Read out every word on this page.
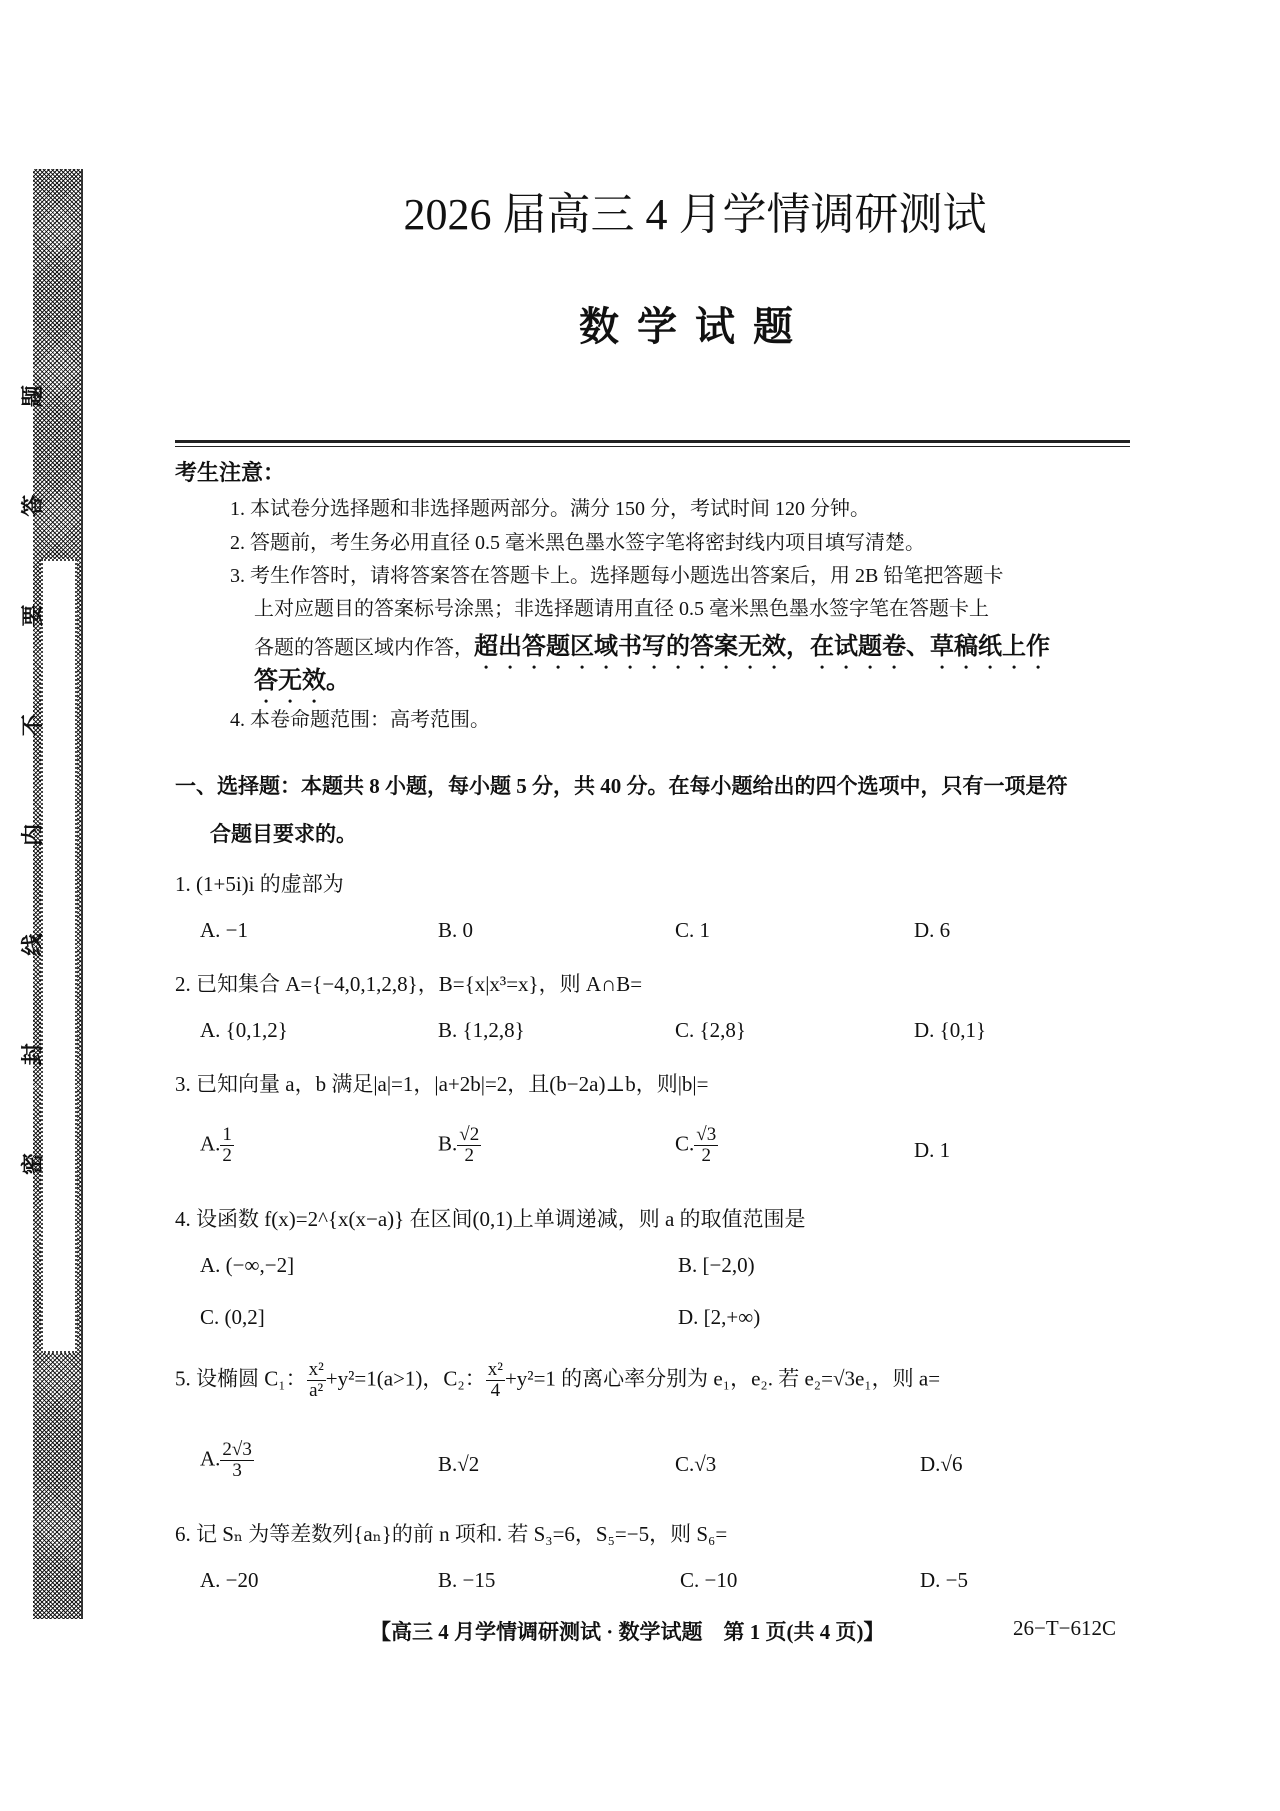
密
封
线
内
不
要
答
题
2026 届高三 4 月学情调研测试
数学试题
考生注意：
1. 本试卷分选择题和非选择题两部分。满分 150 分，考试时间 120 分钟。
2. 答题前，考生务必用直径 0.5 毫米黑色墨水签字笔将密封线内项目填写清楚。
3. 考生作答时，请将答案答在答题卡上。选择题每小题选出答案后，用 2B 铅笔把答题卡
上对应题目的答案标号涂黑；非选择题请用直径 0.5 毫米黑色墨水签字笔在答题卡上
各题的答题区域内作答，超出答题区域书写的答案无效，在试题卷、草稿纸上作
答无效。
4. 本卷命题范围：高考范围。
一、选择题：本题共 8 小题，每小题 5 分，共 40 分。在每小题给出的四个选项中，只有一项是符
合题目要求的。
1. (1+5i)i 的虚部为
A. −1	B. 0	C. 1	D. 6
2. 已知集合 A={−4,0,1,2,8}，B={x|x³=x}，则 A∩B=
A. {0,1,2}	B. {1,2,8}	C. {2,8}	D. {0,1}
3. 已知向量 a，b 满足|a|=1，|a+2b|=2，且(b−2a)⊥b，则|b|=
A. $\frac{1}{2}$	B. $\frac{√2}{2}$	C. $\frac{√3}{2}$	D. 1
4. 设函数 f(x)=2^{x(x−a)} 在区间(0,1)上单调递减，则 a 的取值范围是
A. (−∞,−2]	B. [−2,0)
C. (0,2]	D. [2,+∞)
5. 设椭圆 C₁： $\frac{\text{x²}}{\text{a²}} +y^2=1(a>1)$，C₂： $\frac{\text{x²}}{4} +y^2=1$ 的离心率分别为 e₁，e₂. 若 e₂=√3e₁，则 a=
A. $\frac{2√3}{3}$	B.√2	C.√3	D.√6
6. 记 Sₙ 为等差数列{aₙ}的前 n 项和. 若 S₃=6，S₅=−5，则 S₆=
A. −20	B. −15	C. −10	D. −5
【高三 4 月学情调研测试 · 数学试题　第 1 页(共 4 页)】	26−T−612C
